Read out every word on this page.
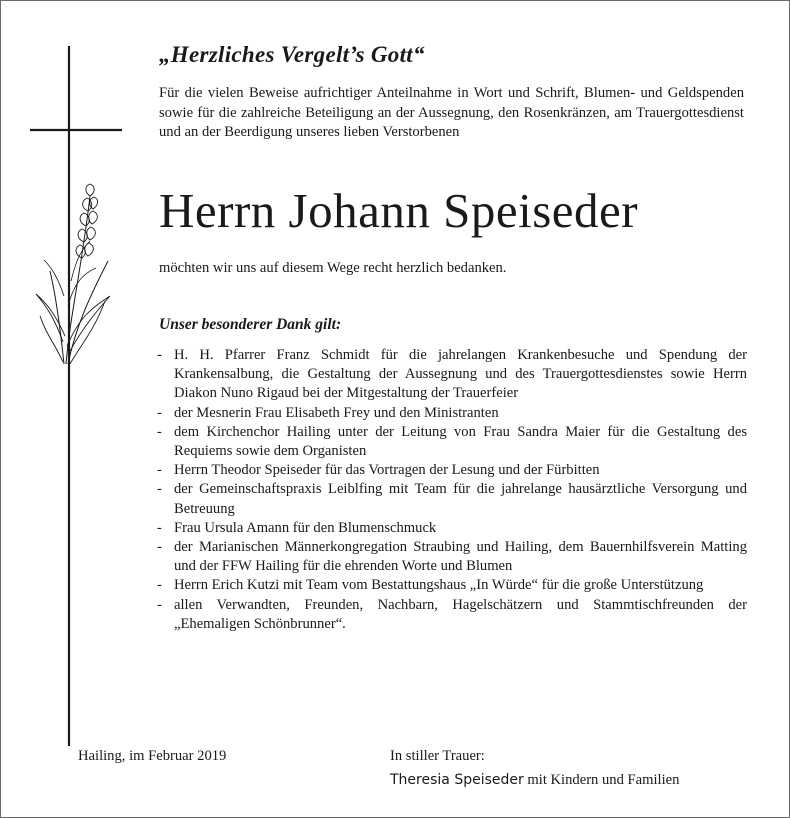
„Herzliches Vergelt’s Gott“
Für die vielen Beweise aufrichtiger Anteilnahme in Wort und Schrift, Blumen- und Geldspenden sowie für die zahlreiche Beteiligung an der Aussegnung, den Rosenkränzen, am Trauergottesdienst und an der Beerdigung unseres lieben Verstorbenen
Herrn Johann Speiseder
möchten wir uns auf diesem Wege recht herzlich bedanken.
Unser besonderer Dank gilt:
- H. H. Pfarrer Franz Schmidt für die jahrelangen Krankenbesuche und Spendung der Krankensalbung, die Gestaltung der Aussegnung und des Trauergottesdienstes sowie Herrn Diakon Nuno Rigaud bei der Mitgestaltung der Trauerfeier
- der Mesnerin Frau Elisabeth Frey und den Ministranten
- dem Kirchenchor Hailing unter der Leitung von Frau Sandra Maier für die Gestaltung des Requiems sowie dem Organisten
- Herrn Theodor Speiseder für das Vortragen der Lesung und der Fürbitten
- der Gemeinschaftspraxis Leiblfing mit Team für die jahrelange hausärztliche Versorgung und Betreuung
- Frau Ursula Amann für den Blumenschmuck
- der Marianischen Männerkongregation Straubing und Hailing, dem Bauernhilfsverein Matting und der FFW Hailing für die ehrenden Worte und Blumen
- Herrn Erich Kutzi mit Team vom Bestattungshaus „In Würde“ für die große Unterstützung
- allen Verwandten, Freunden, Nachbarn, Hagelschätzern und Stammtischfreunden der „Ehemaligen Schönbrunner“.
Hailing, im Februar 2019	In stiller Trauer:
Theresia Speiseder mit Kindern und Familien
